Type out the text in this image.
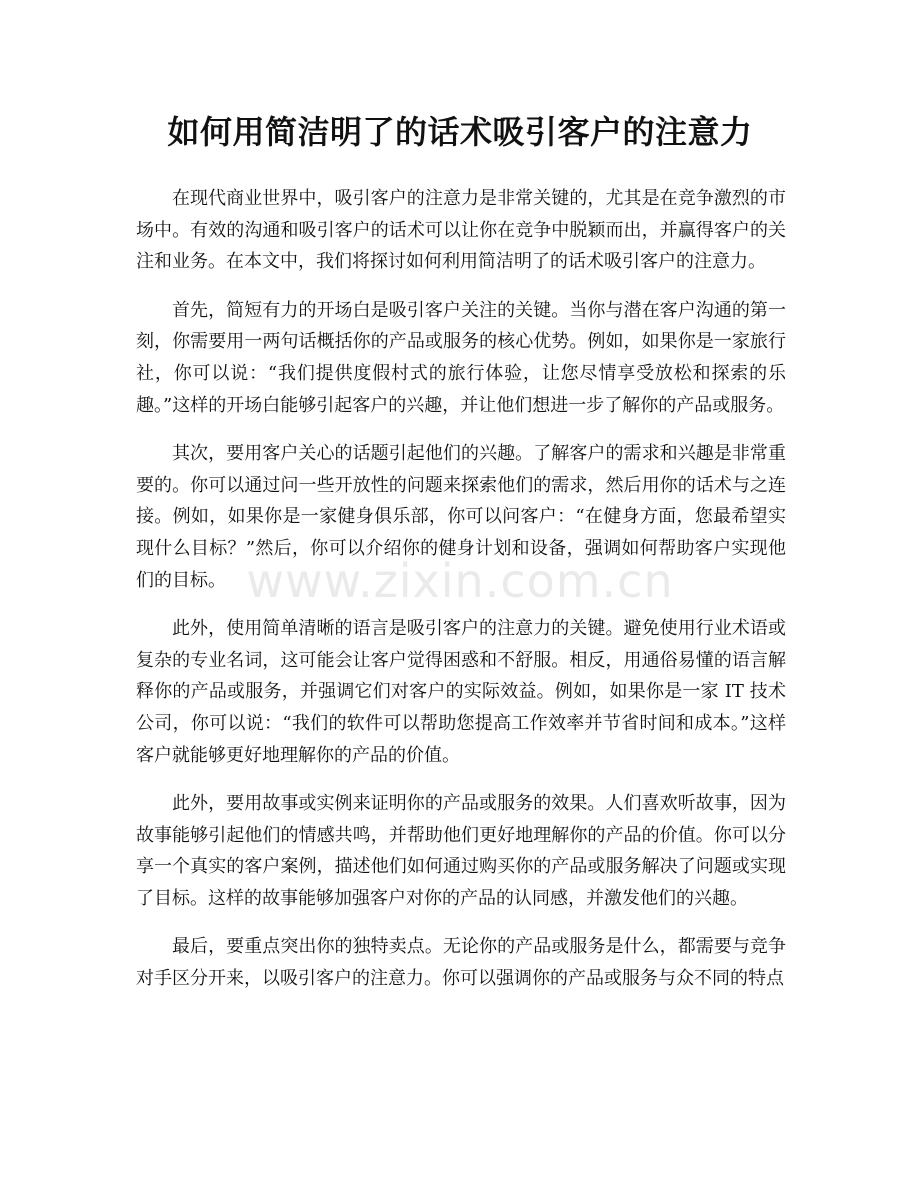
如何用简洁明了的话术吸引客户的注意力

在现代商业世界中，吸引客户的注意力是非常关键的，尤其是在竞争激烈的市场中。有效的沟通和吸引客户的话术可以让你在竞争中脱颖而出，并赢得客户的关注和业务。在本文中，我们将探讨如何利用简洁明了的话术吸引客户的注意力。

首先，简短有力的开场白是吸引客户关注的关键。当你与潜在客户沟通的第一刻，你需要用一两句话概括你的产品或服务的核心优势。例如，如果你是一家旅行社，你可以说：“我们提供度假村式的旅行体验，让您尽情享受放松和探索的乐趣。”这样的开场白能够引起客户的兴趣，并让他们想进一步了解你的产品或服务。

其次，要用客户关心的话题引起他们的兴趣。了解客户的需求和兴趣是非常重要的。你可以通过问一些开放性的问题来探索他们的需求，然后用你的话术与之连接。例如，如果你是一家健身俱乐部，你可以问客户：“在健身方面，您最希望实现什么目标？”然后，你可以介绍你的健身计划和设备，强调如何帮助客户实现他们的目标。

此外，使用简单清晰的语言是吸引客户的注意力的关键。避免使用行业术语或复杂的专业名词，这可能会让客户觉得困惑和不舒服。相反，用通俗易懂的语言解释你的产品或服务，并强调它们对客户的实际效益。例如，如果你是一家 IT 技术公司，你可以说：“我们的软件可以帮助您提高工作效率并节省时间和成本。”这样客户就能够更好地理解你的产品的价值。

此外，要用故事或实例来证明你的产品或服务的效果。人们喜欢听故事，因为故事能够引起他们的情感共鸣，并帮助他们更好地理解你的产品的价值。你可以分享一个真实的客户案例，描述他们如何通过购买你的产品或服务解决了问题或实现了目标。这样的故事能够加强客户对你的产品的认同感，并激发他们的兴趣。

最后，要重点突出你的独特卖点。无论你的产品或服务是什么，都需要与竞争对手区分开来，以吸引客户的注意力。你可以强调你的产品或服务与众不同的特点

www.zixin.com.cn
